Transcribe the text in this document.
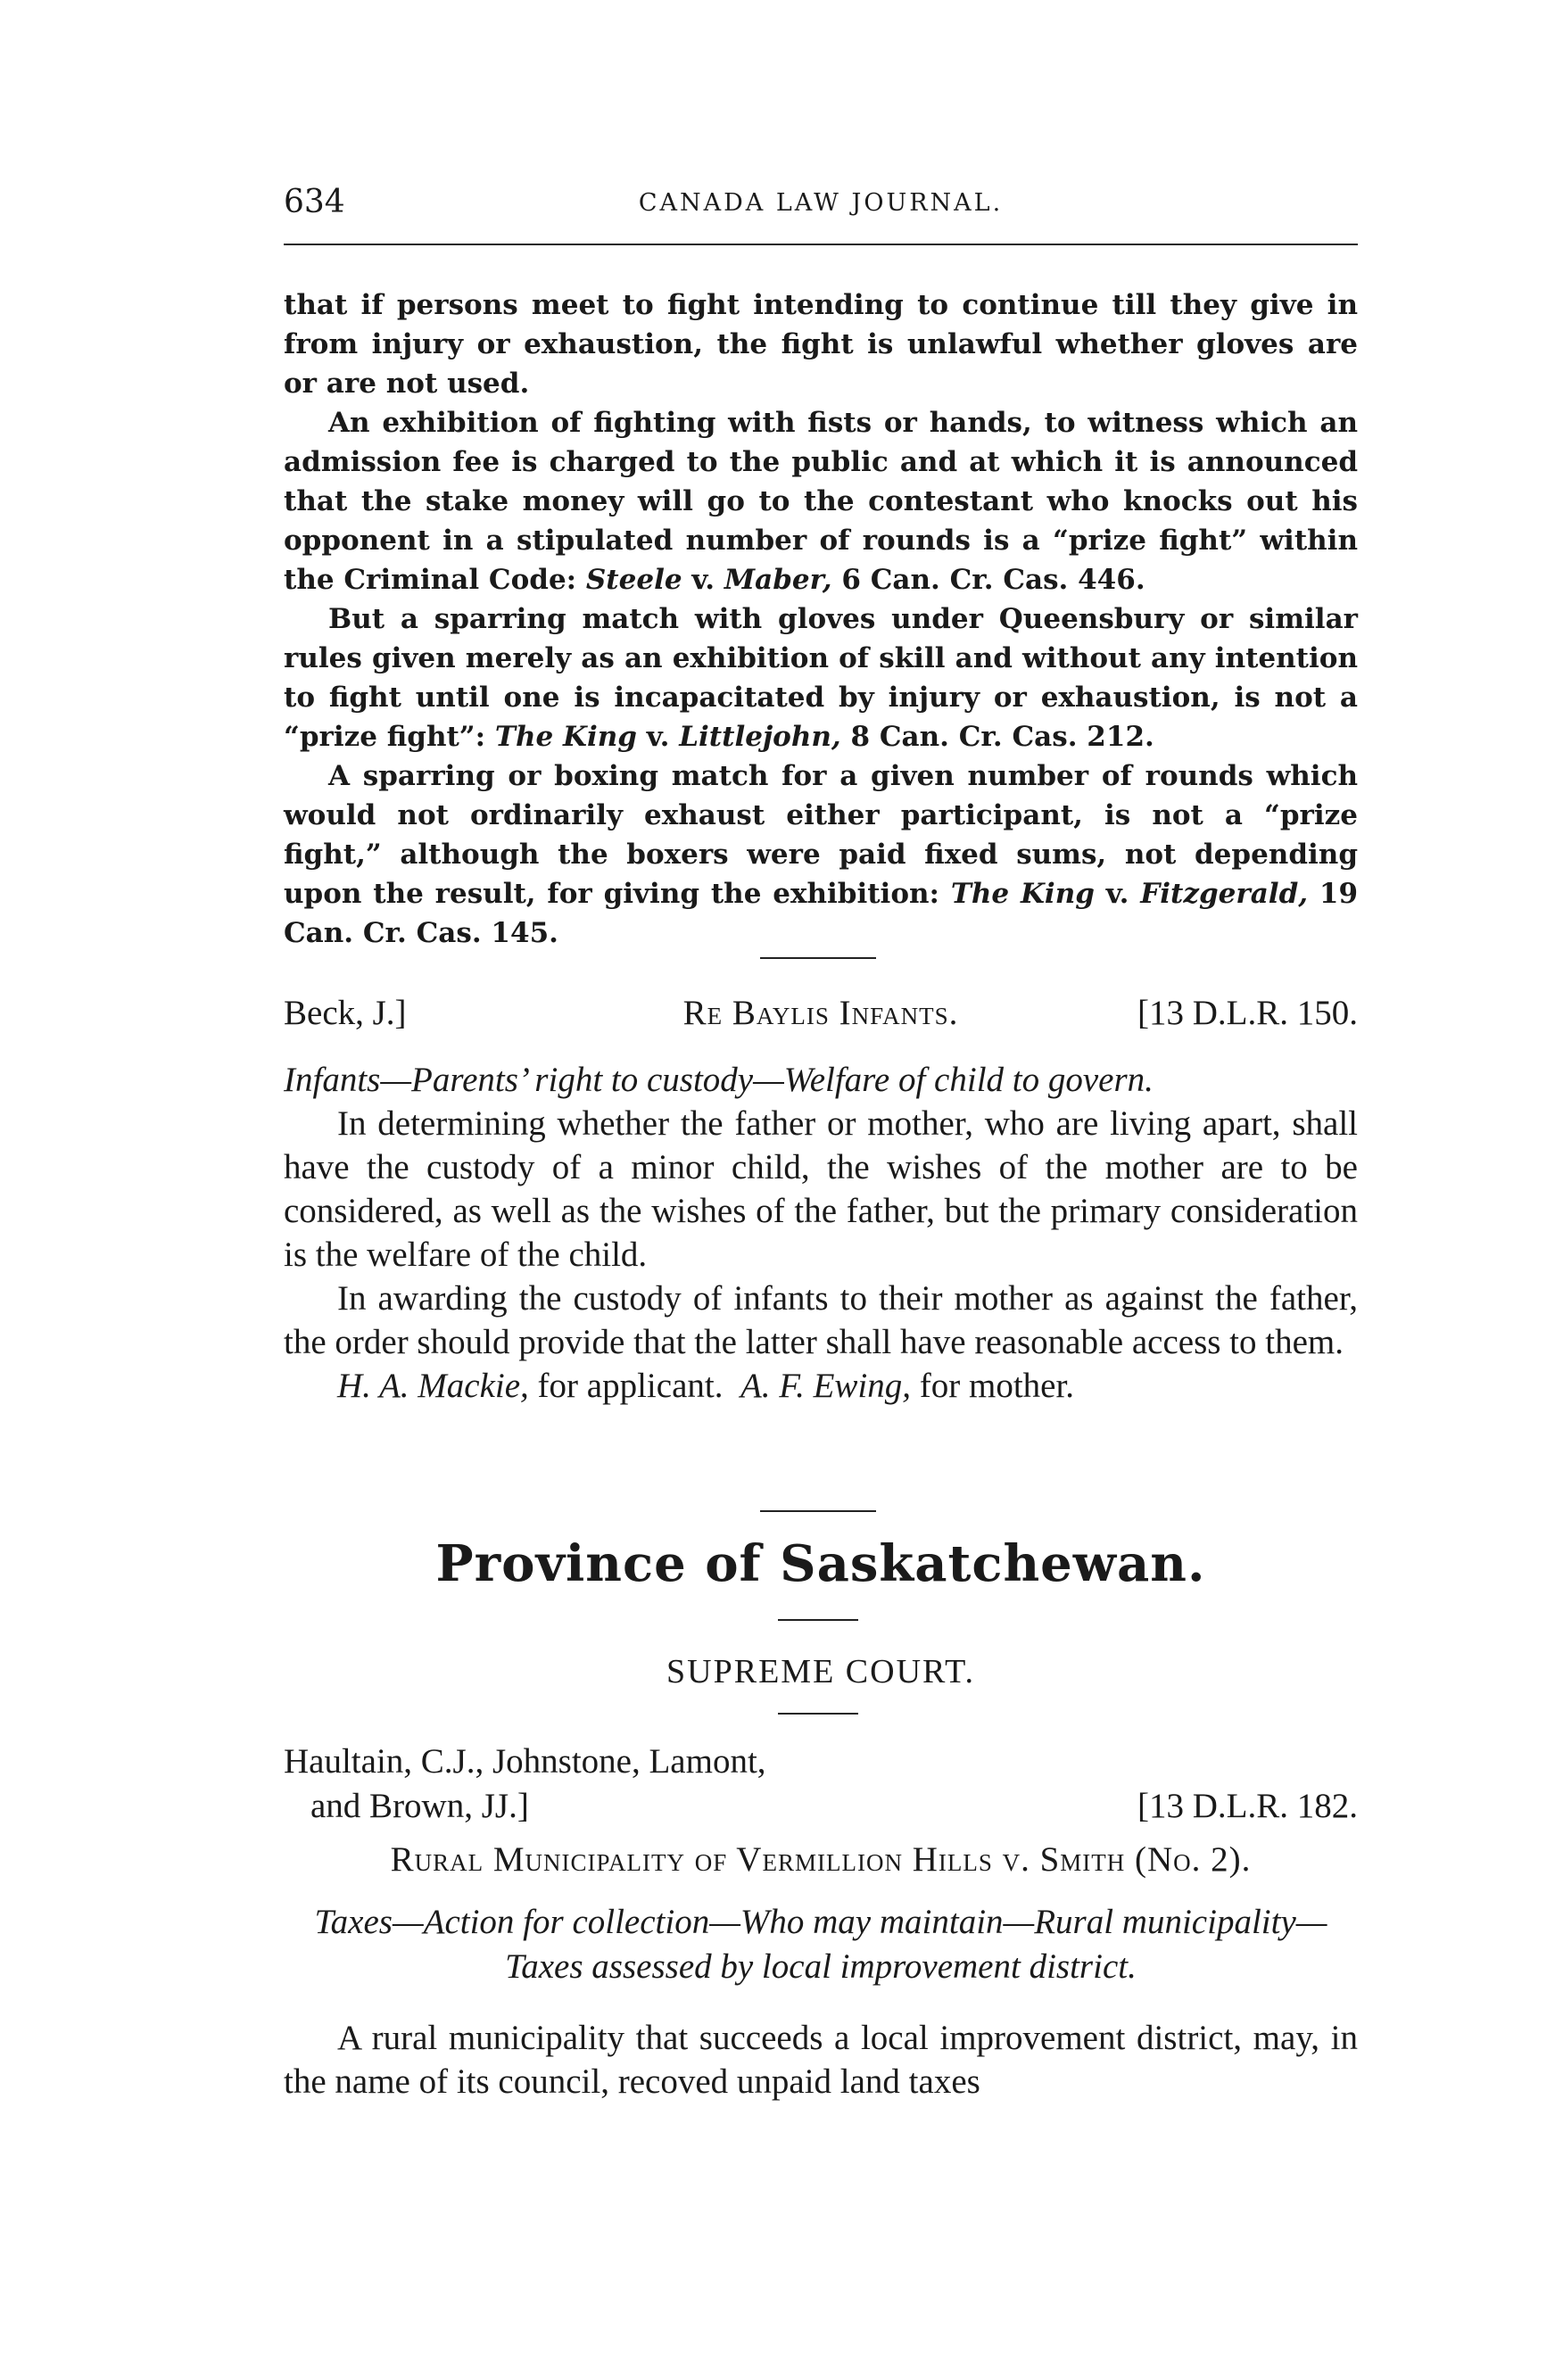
634	CANADA LAW JOURNAL.

that if persons meet to fight intending to continue till they give in from injury or exhaustion, the fight is unlawful whether gloves are or are not used.

An exhibition of fighting with fists or hands, to witness which an admission fee is charged to the public and at which it is announced that the stake money will go to the contestant who knocks out his opponent in a stipulated number of rounds is a “prize fight” within the Criminal Code: Steele v. Maber, 6 Can. Cr. Cas. 446.

But a sparring match with gloves under Queensbury or similar rules given merely as an exhibition of skill and without any intention to fight until one is incapacitated by injury or exhaustion, is not a “prize fight”: The King v. Littlejohn, 8 Can. Cr. Cas. 212.

A sparring or boxing match for a given number of rounds which would not ordinarily exhaust either participant, is not a “prize fight,” although the boxers were paid fixed sums, not depending upon the result, for giving the exhibition: The King v. Fitzgerald, 19 Can. Cr. Cas. 145.

Re Baylis Infants.
Beck, J.]	[13 D.L.R. 150.

Infants—Parents’ right to custody—Welfare of child to govern.

In determining whether the father or mother, who are living apart, shall have the custody of a minor child, the wishes of the mother are to be considered, as well as the wishes of the father, but the primary consideration is the welfare of the child.

In awarding the custody of infants to their mother as against the father, the order should provide that the latter shall have reasonable access to them.

H. A. Mackie, for applicant. A. F. Ewing, for mother.

Province of Saskatchewan.
SUPREME COURT.
Haultain, C.J., Johnstone, Lamont,
and Brown, JJ.]	[13 D.L.R. 182.
Rural Municipality of Vermillion Hills v. Smith (No. 2).
Taxes—Action for collection—Who may maintain—Rural municipality—Taxes assessed by local improvement district.

A rural municipality that succeeds a local improvement district, may, in the name of its council, recoved unpaid land taxes
